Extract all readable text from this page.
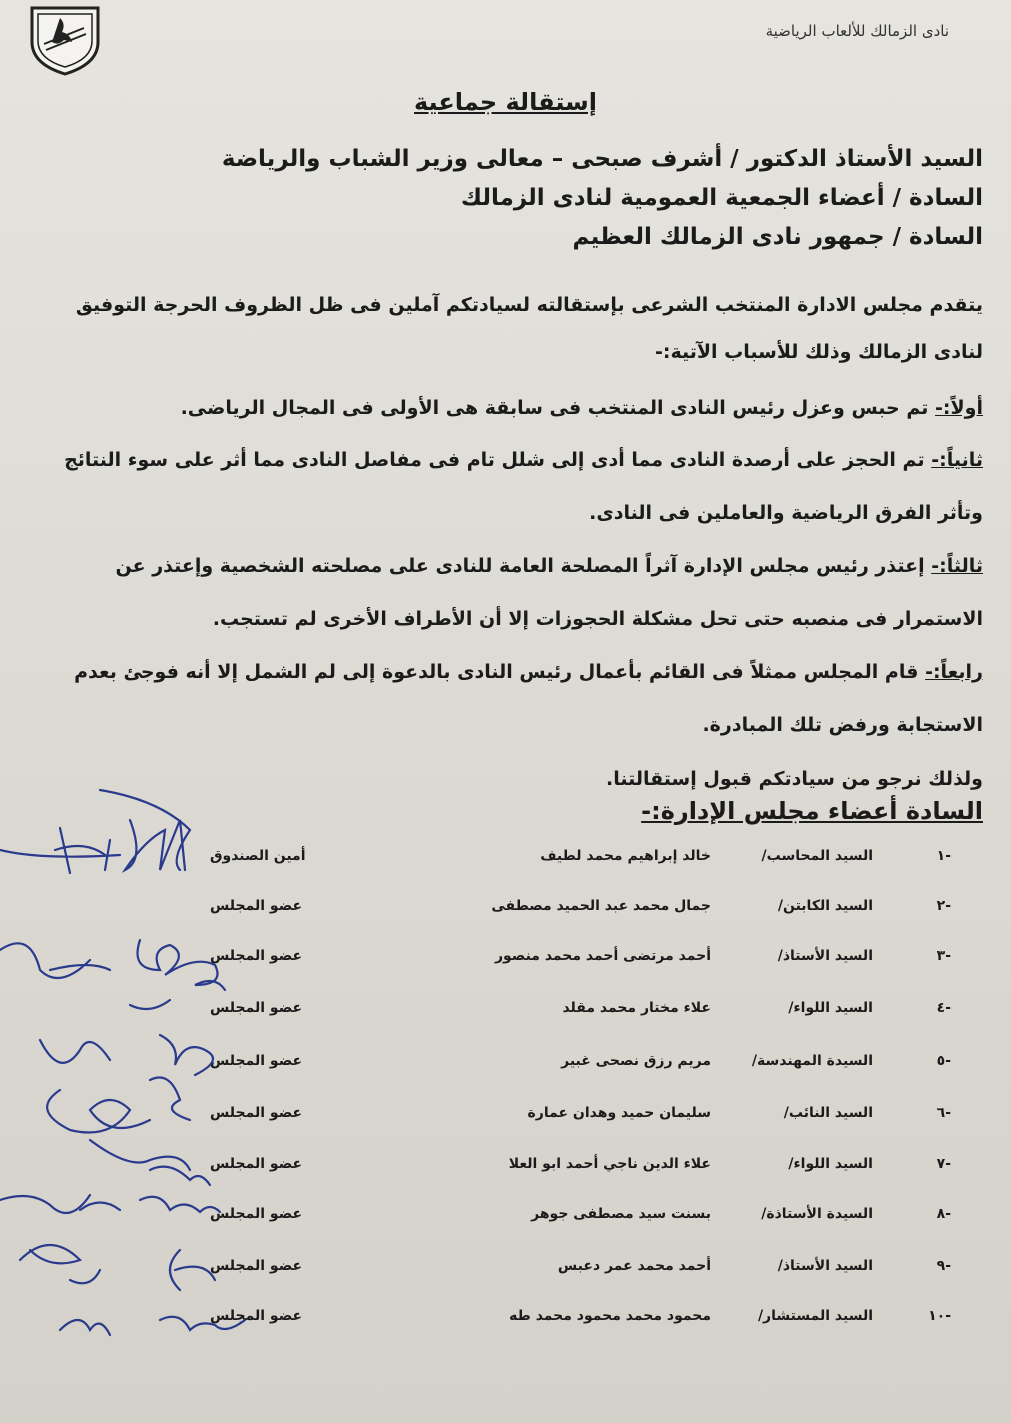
نادى الزمالك للألعاب الرياضية
إستقالة جماعية
السيد الأستاذ الدكتور / أشرف صبحى – معالى وزير الشباب والرياضة
السادة / أعضاء الجمعية العمومية لنادى الزمالك
السادة / جمهور نادى الزمالك العظيم
يتقدم مجلس الادارة المنتخب الشرعى بإستقالته لسيادتكم آملين فى ظل الظروف الحرجة التوفيق لنادى الزمالك وذلك للأسباب الآتية:-
أولاً:- تم حبس وعزل رئيس النادى المنتخب فى سابقة هى الأولى فى المجال الرياضى.
ثانياً:- تم الحجز على أرصدة النادى مما أدى إلى شلل تام فى مفاصل النادى مما أثر على سوء النتائج وتأثر الفرق الرياضية والعاملين فى النادى.
ثالثاً:- إعتذر رئيس مجلس الإدارة آثراً المصلحة العامة للنادى على مصلحته الشخصية وإعتذر عن الاستمرار فى منصبه حتى تحل مشكلة الحجوزات إلا أن الأطراف الأخرى لم تستجب.
رابعاً:- قام المجلس ممثلاً فى القائم بأعمال رئيس النادى بالدعوة إلى لم الشمل إلا أنه فوجئ بعدم الاستجابة ورفض تلك المبادرة.
ولذلك نرجو من سيادتكم قبول إستقالتنا.
السادة أعضاء مجلس الإدارة:-
-١
السيد المحاسب/
خالد إبراهيم محمد لطيف
أمين الصندوق
-٢
السيد الكابتن/
جمال محمد عبد الحميد مصطفى
عضو المجلس
-٣
السيد الأستاذ/
أحمد مرتضى أحمد محمد منصور
عضو المجلس
-٤
السيد اللواء/
علاء مختار محمد مقلد
عضو المجلس
-٥
السيدة المهندسة/
مريم رزق نصحى غبير
عضو المجلس
-٦
السيد النائب/
سليمان حميد وهدان عمارة
عضو المجلس
-٧
السيد اللواء/
علاء الدين ناجي أحمد ابو العلا
عضو المجلس
-٨
السيدة الأستاذة/
بسنت سيد مصطفى جوهر
عضو المجلس
-٩
السيد الأستاذ/
أحمد محمد عمر دعبس
عضو المجلس
-١٠
السيد المستشار/
محمود محمد محمود محمد طه
عضو المجلس
